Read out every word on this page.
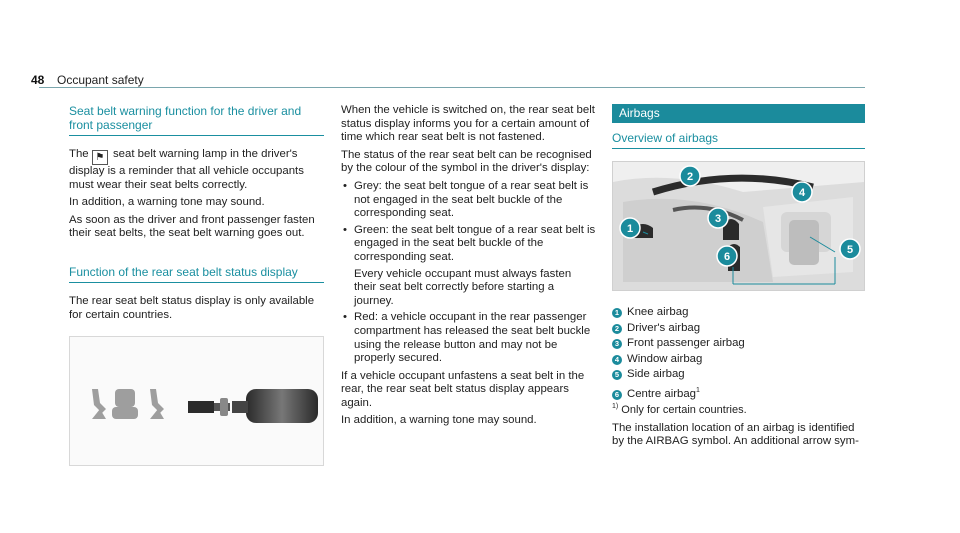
48 Occupant safety
Seat belt warning function for the driver and front passenger

The ⚑ seat belt warning lamp in the driver's display is a reminder that all vehicle occupants must wear their seat belts correctly.

In addition, a warning tone may sound.

As soon as the driver and front passenger fasten their seat belts, the seat belt warning goes out.

Function of the rear seat belt status display

The rear seat belt status display is only available for certain countries.

When the vehicle is switched on, the rear seat belt status display informs you for a certain amount of time which rear seat belt is not fastened.

The status of the rear seat belt can be recognised by the colour of the symbol in the driver's display:

• Grey: the seat belt tongue of a rear seat belt is not engaged in the seat belt buckle of the corresponding seat.
• Green: the seat belt tongue of a rear seat belt is engaged in the seat belt buckle of the corresponding seat.
Every vehicle occupant must always fasten their seat belt correctly before starting a journey.
• Red: a vehicle occupant in the rear passenger compartment has released the seat belt buckle using the release button and may not be properly secured.

If a vehicle occupant unfastens a seat belt in the rear, the rear seat belt status display appears again.

In addition, a warning tone may sound.

Airbags
Overview of airbags
1
2
3
4
5
6
1 Knee airbag
2 Driver's airbag
3 Front passenger airbag
4 Window airbag
5 Side airbag
6 Centre airbag$^1$

$^{1)}$ Only for certain countries.

The installation location of an airbag is identified by the AIRBAG symbol. An additional arrow sym-
